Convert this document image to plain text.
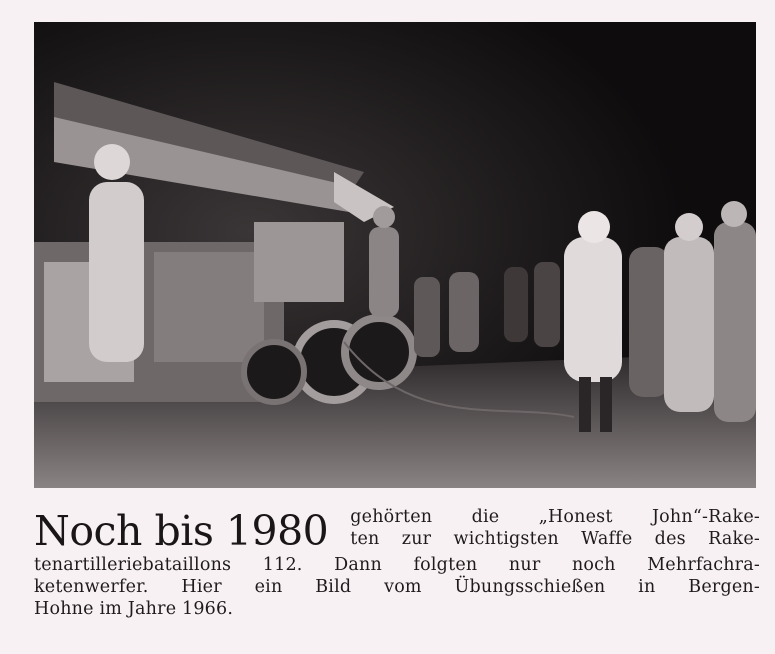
Noch bis 1980	gehörten die „Honest John“-Rake-
ten zur wichtigsten Waffe des Rake-
tenartilleriebataillons 112. Dann folgten nur noch Mehrfachra-
ketenwerfer. Hier ein Bild vom Übungsschießen in Bergen-
Hohne im Jahre 1966.
